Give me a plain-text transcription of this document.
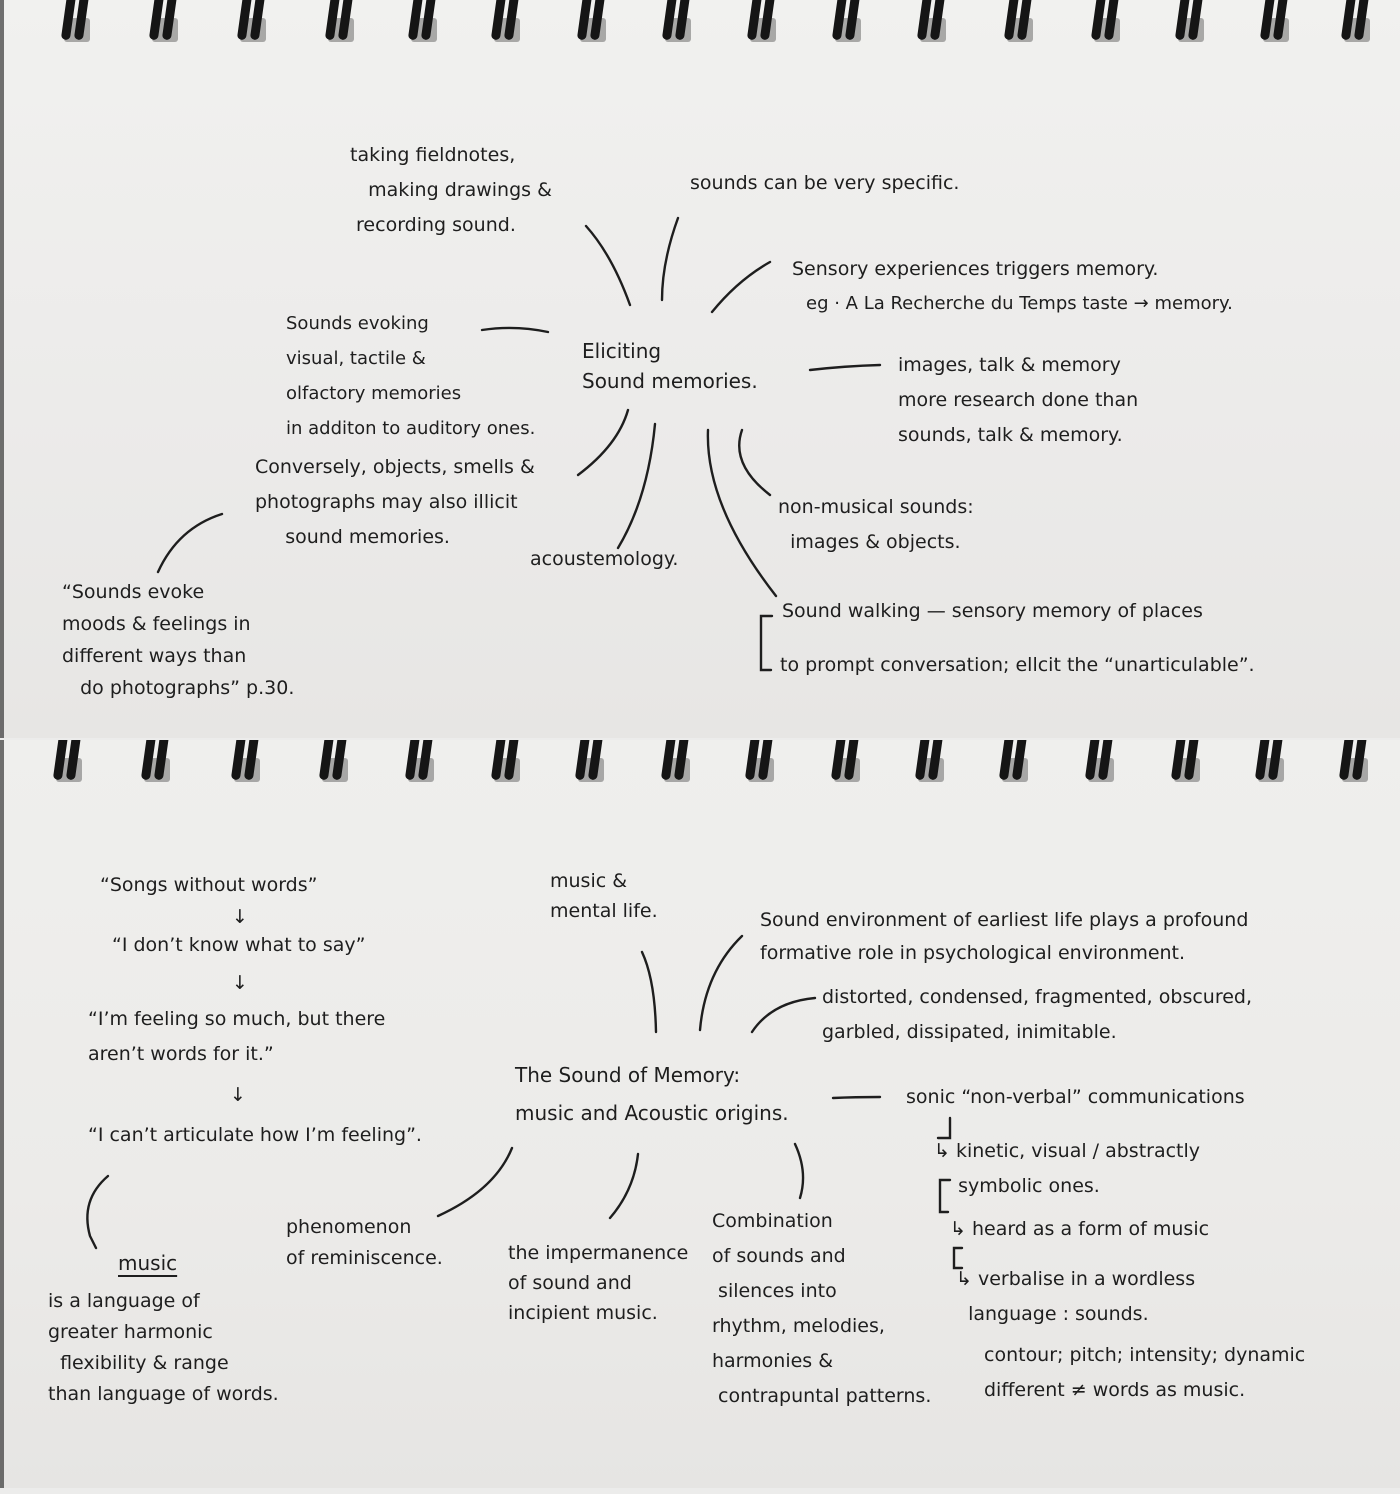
Eliciting
Sound memories.

taking fieldnotes,
making drawings &
recording sound.

sounds can be very specific.

Sensory experiences triggers memory.

eg · A La Recherche du Temps taste → memory.

Sounds evoking
visual, tactile &
olfactory memories
in additon to auditory ones.

images, talk & memory
more research done than
sounds, talk & memory.

Conversely, objects, smells &
photographs may also illicit
sound memories.

non-musical sounds:
images & objects.

acoustemology.

Sound walking — sensory memory of places

to prompt conversation; ellcit the “unarticulable”.

“Sounds evoke
moods & feelings in
different ways than
do photographs” p.30.

The Sound of Memory:
music and Acoustic origins.

“Songs without words”

↓

“I don’t know what to say”

↓

“I’m feeling so much, but there
aren’t words for it.”

↓

“I can’t articulate how I’m feeling”.

music &
mental life.	Sound environment of earliest life plays a profound
formative role in psychological environment.

distorted, condensed, fragmented, obscured,
garbled, dissipated, inimitable.

sonic “non-verbal” communications

↳ kinetic, visual / abstractly
symbolic ones.

↳ heard as a form of music

↳ verbalise in a wordless
language : sounds.

contour; pitch; intensity; dynamic
different ≠ words as music.

music

is a language of
greater harmonic
flexibility & range
than language of words.

phenomenon
of reminiscence.	the impermanence
of sound and
incipient music.

Combination
of sounds and
silences into
rhythm, melodies,
harmonies &
contrapuntal patterns.
